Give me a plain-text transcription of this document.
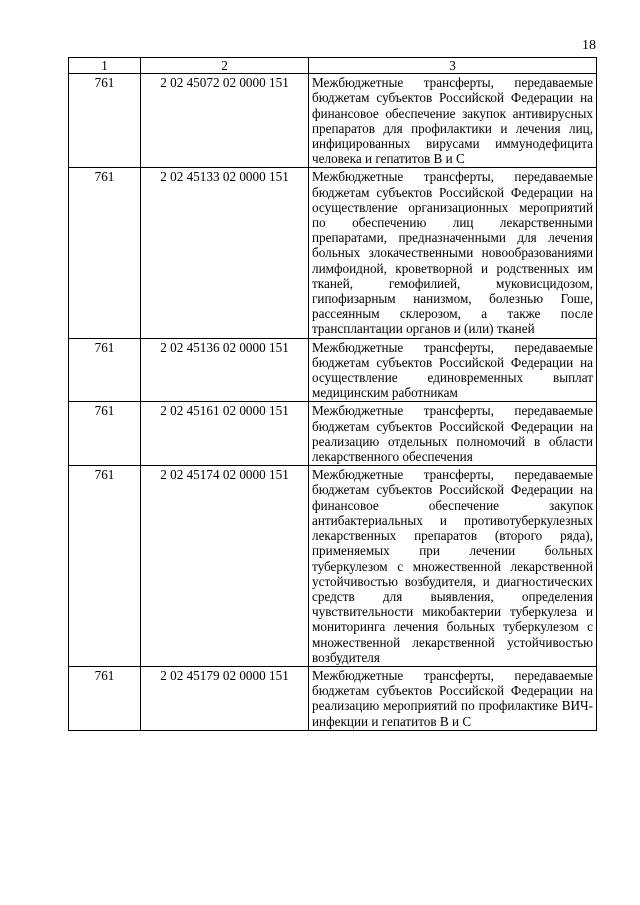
18
1	2	3
761	2 02 45072 02 0000 151	Межбюджетные трансферты, передаваемые бюджетам субъектов Российской Федерации на финансовое обеспечение закупок антивирусных препаратов для профилактики и лечения лиц, инфицированных вирусами иммунодефицита человека и гепатитов B и C
761	2 02 45133 02 0000 151	Межбюджетные трансферты, передаваемые бюджетам субъектов Российской Федерации на осуществление организационных мероприятий по обеспечению лиц лекарственными препаратами, предназначенными для лечения больных злокачественными новообразованиями лимфоидной, кроветворной и родственных им тканей, гемофилией, муковисцидозом, гипофизарным нанизмом, болезнью Гоше, рассеянным склерозом, а также после трансплантации органов и (или) тканей
761	2 02 45136 02 0000 151	Межбюджетные трансферты, передаваемые бюджетам субъектов Российской Федерации на осуществление единовременных выплат медицинским работникам
761	2 02 45161 02 0000 151	Межбюджетные трансферты, передаваемые бюджетам субъектов Российской Федерации на реализацию отдельных полномочий в области лекарственного обеспечения
761	2 02 45174 02 0000 151	Межбюджетные трансферты, передаваемые бюджетам субъектов Российской Федерации на финансовое обеспечение закупок антибактериальных и противотуберкулезных лекарственных препаратов (второго ряда), применяемых при лечении больных туберкулезом с множественной лекарственной устойчивостью возбудителя, и диагностических средств для выявления, определения чувствительности микобактерии туберкулеза и мониторинга лечения больных туберкулезом с множественной лекарственной устойчивостью возбудителя
761	2 02 45179 02 0000 151	Межбюджетные трансферты, передаваемые бюджетам субъектов Российской Федерации на реализацию мероприятий по профилактике ВИЧ-инфекции и гепатитов B и C
